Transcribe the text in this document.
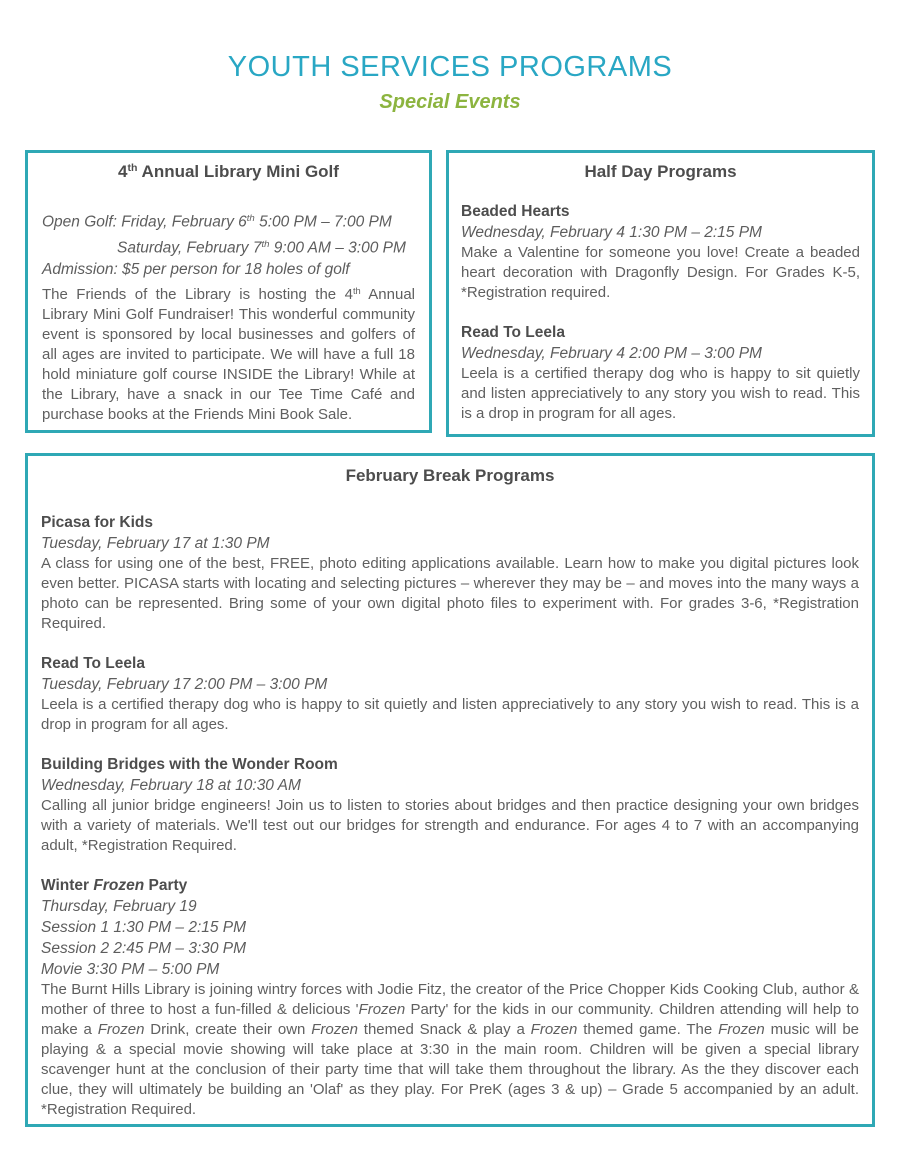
YOUTH SERVICES PROGRAMS
Special Events
4th Annual Library Mini Golf
Open Golf: Friday, February 6th 5:00 PM – 7:00 PM
Saturday, February 7th 9:00 AM – 3:00 PM
Admission: $5 per person for 18 holes of golf
The Friends of the Library is hosting the 4th Annual Library Mini Golf Fundraiser! This wonderful community event is sponsored by local businesses and golfers of all ages are invited to participate. We will have a full 18 hold miniature golf course INSIDE the Library! While at the Library, have a snack in our Tee Time Café and purchase books at the Friends Mini Book Sale.
Half Day Programs
Beaded Hearts
Wednesday, February 4 1:30 PM – 2:15 PM
Make a Valentine for someone you love! Create a beaded heart decoration with Dragonfly Design. For Grades K-5, *Registration required.
Read To Leela
Wednesday, February 4 2:00 PM – 3:00 PM
Leela is a certified therapy dog who is happy to sit quietly and listen appreciatively to any story you wish to read. This is a drop in program for all ages.
February Break Programs
Picasa for Kids
Tuesday, February 17 at 1:30 PM
A class for using one of the best, FREE, photo editing applications available. Learn how to make you digital pictures look even better. PICASA starts with locating and selecting pictures – wherever they may be – and moves into the many ways a photo can be represented. Bring some of your own digital photo files to experiment with. For grades 3-6, *Registration Required.
Read To Leela
Tuesday, February 17 2:00 PM – 3:00 PM
Leela is a certified therapy dog who is happy to sit quietly and listen appreciatively to any story you wish to read. This is a drop in program for all ages.
Building Bridges with the Wonder Room
Wednesday, February 18 at 10:30 AM
Calling all junior bridge engineers! Join us to listen to stories about bridges and then practice designing your own bridges with a variety of materials. We'll test out our bridges for strength and endurance. For ages 4 to 7 with an accompanying adult, *Registration Required.
Winter Frozen Party
Thursday, February 19
Session 1 1:30 PM – 2:15 PM
Session 2 2:45 PM – 3:30 PM
Movie 3:30 PM – 5:00 PM
The Burnt Hills Library is joining wintry forces with Jodie Fitz, the creator of the Price Chopper Kids Cooking Club, author & mother of three to host a fun-filled & delicious 'Frozen Party' for the kids in our community. Children attending will help to make a Frozen Drink, create their own Frozen themed Snack & play a Frozen themed game. The Frozen music will be playing & a special movie showing will take place at 3:30 in the main room. Children will be given a special library scavenger hunt at the conclusion of their party time that will take them throughout the library. As the they discover each clue, they will ultimately be building an 'Olaf' as they play. For PreK (ages 3 & up) – Grade 5 accompanied by an adult. *Registration Required.
